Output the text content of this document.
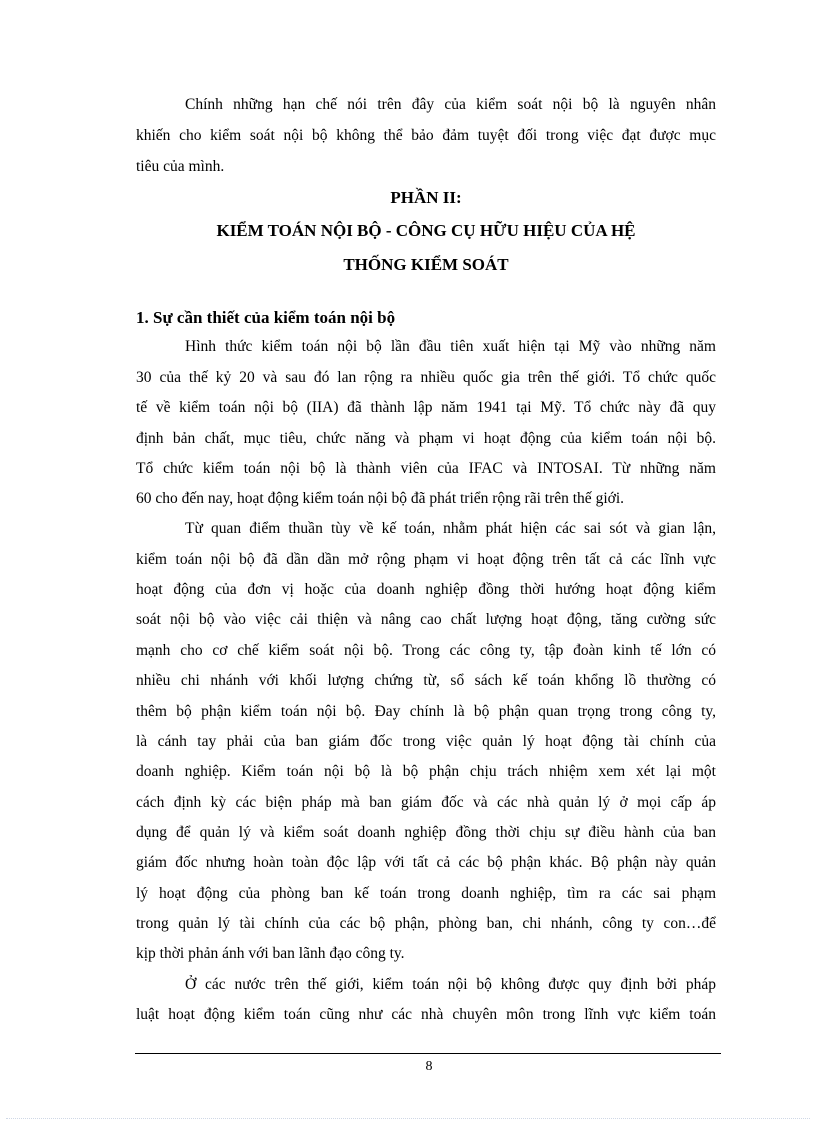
Chính những hạn chế nói trên đây của kiểm soát nội bộ là nguyên nhân
khiến cho kiểm soát nội bộ không thể bảo đảm tuyệt đối trong việc đạt được mục
tiêu của mình.
PHẦN II:
KIỂM TOÁN NỘI BỘ - CÔNG CỤ HỮU HIỆU CỦA HỆ
THỐNG KIỂM SOÁT
1. Sự cần thiết của kiểm toán nội bộ
Hình thức kiểm toán nội bộ lần đầu tiên xuất hiện tại Mỹ vào những năm
30 của thế kỷ 20 và sau đó lan rộng ra nhiều quốc gia trên thế giới. Tổ chức quốc
tế về kiểm toán nội bộ (IIA) đã thành lập năm 1941 tại Mỹ. Tổ chức này đã quy
định bản chất, mục tiêu, chức năng và phạm vi hoạt động của kiểm toán nội bộ.
Tổ chức kiểm toán nội bộ là thành viên của IFAC và INTOSAI. Từ những năm
60 cho đến nay, hoạt động kiểm toán nội bộ đã phát triển rộng rãi trên thế giới.
Từ quan điểm thuần tùy về kế toán, nhằm phát hiện các sai sót và gian lận,
kiểm toán nội bộ đã dần dần mở rộng phạm vi hoạt động trên tất cả các lĩnh vực
hoạt động của đơn vị hoặc của doanh nghiệp đồng thời hướng hoạt động kiểm
soát nội bộ vào việc cải thiện và nâng cao chất lượng hoạt động, tăng cường sức
mạnh cho cơ chế kiểm soát nội bộ. Trong các công ty, tập đoàn kinh tế lớn có
nhiều chi nhánh với khối lượng chứng từ, sổ sách kế toán khổng lồ thường có
thêm bộ phận kiểm toán nội bộ. Đay chính là bộ phận quan trọng trong công ty,
là cánh tay phải của ban giám đốc trong việc quản lý hoạt động tài chính của
doanh nghiệp. Kiểm toán nội bộ là bộ phận chịu trách nhiệm xem xét lại một
cách định kỳ các biện pháp mà ban giám đốc và các nhà quản lý ở mọi cấp áp
dụng để quản lý và kiểm soát doanh nghiệp đồng thời chịu sự điều hành của ban
giám đốc nhưng hoàn toàn độc lập với tất cả các bộ phận khác. Bộ phận này quản
lý hoạt động của phòng ban kế toán trong doanh nghiệp, tìm ra các sai phạm
trong quản lý tài chính của các bộ phận, phòng ban, chi nhánh, công ty con…để
kịp thời phản ánh với ban lãnh đạo công ty.
Ở các nước trên thế giới, kiểm toán nội bộ không được quy định bởi pháp
luật hoạt động kiểm toán cũng như các nhà chuyên môn trong lĩnh vực kiểm toán
8
